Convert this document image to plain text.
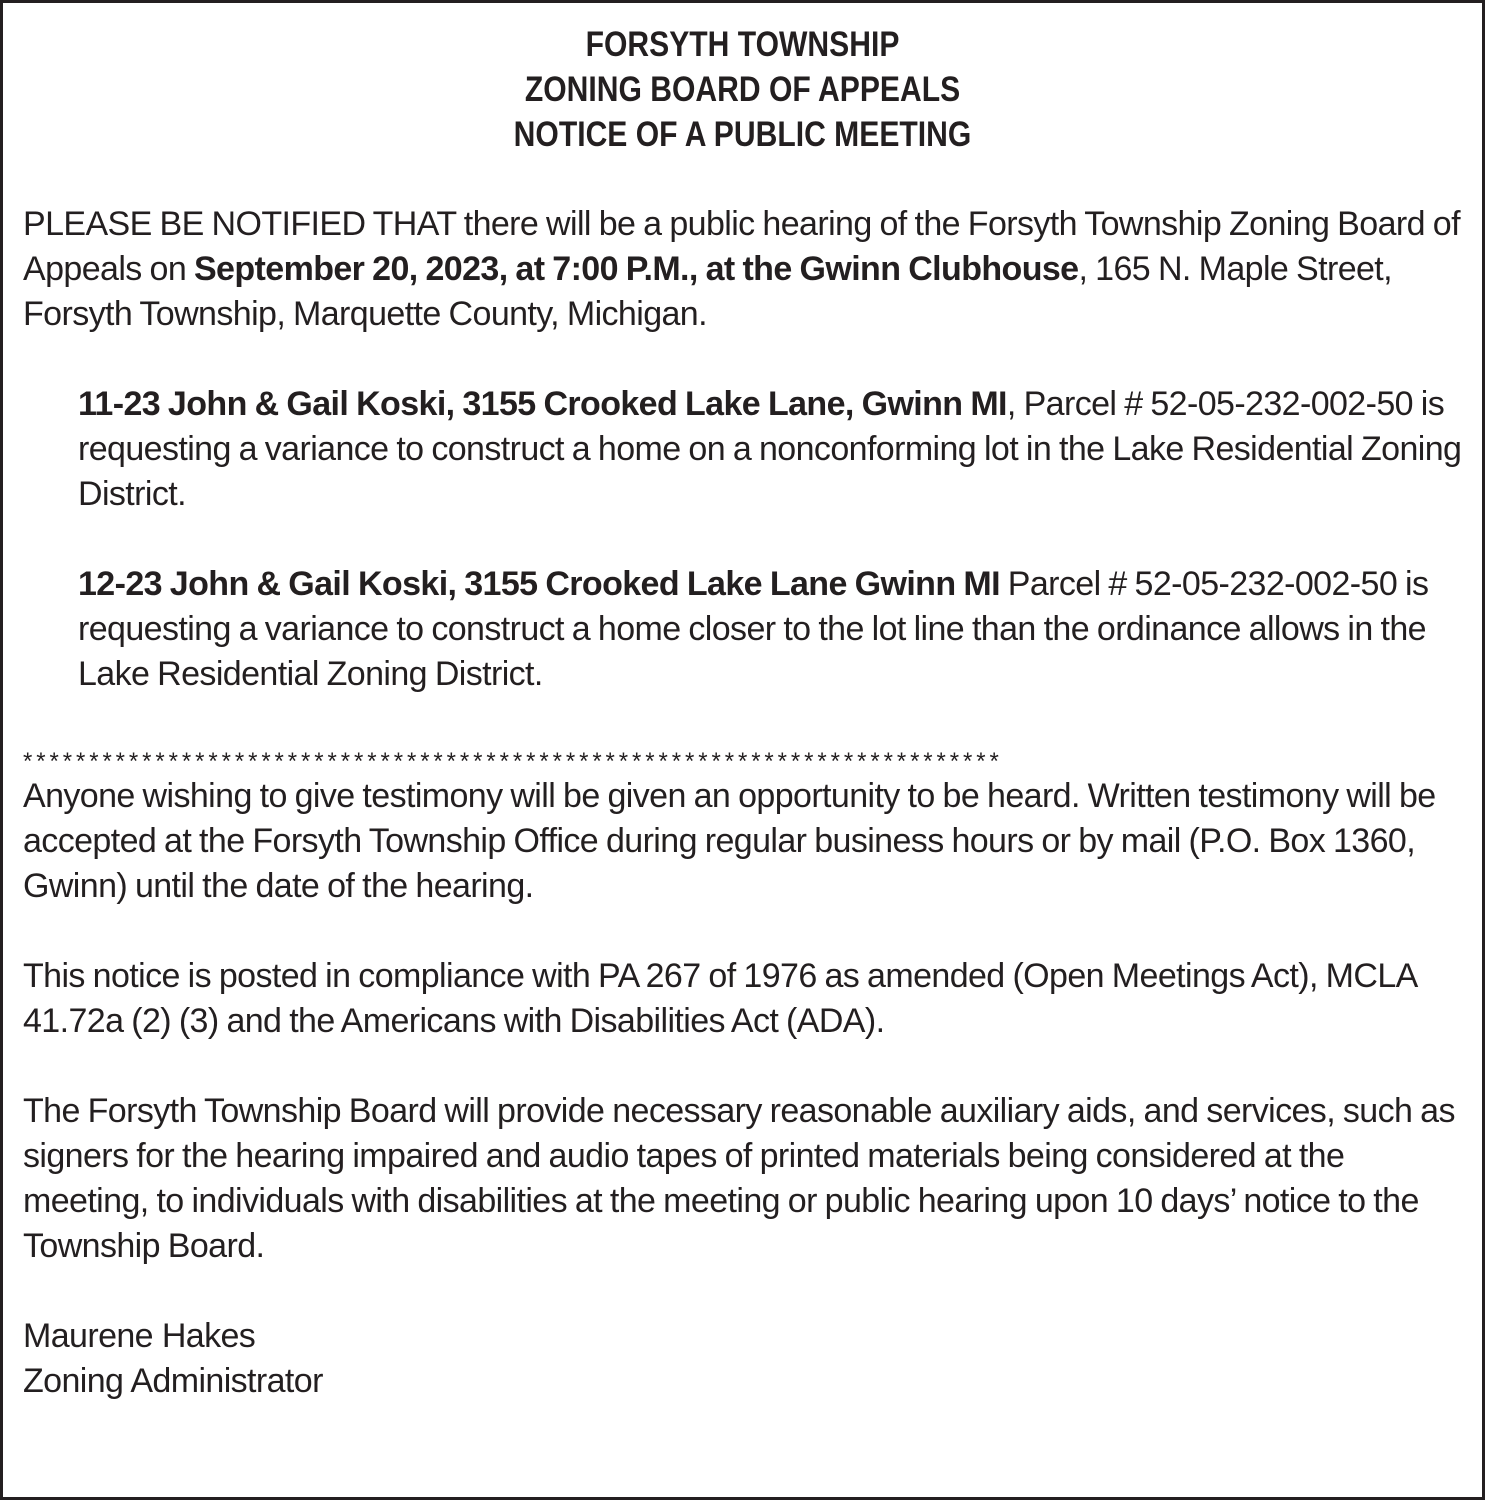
FORSYTH TOWNSHIP
ZONING BOARD OF APPEALS
NOTICE OF A PUBLIC MEETING

PLEASE BE NOTIFIED THAT there will be a public hearing of the Forsyth Township Zoning Board of Appeals on September 20, 2023, at 7:00 P.M., at the Gwinn Clubhouse, 165 N. Maple Street, Forsyth Township, Marquette County, Michigan.

11-23 John & Gail Koski, 3155 Crooked Lake Lane, Gwinn MI, Parcel # 52-05-232-002-50 is requesting a variance to construct a home on a nonconforming lot in the Lake Residential Zoning District.

12-23 John & Gail Koski, 3155 Crooked Lake Lane Gwinn MI Parcel # 52-05-232-002-50 is requesting a variance to construct a home closer to the lot line than the ordinance allows in the Lake Residential Zoning District.

**************************************************************************

Anyone wishing to give testimony will be given an opportunity to be heard. Written testimony will be accepted at the Forsyth Township Office during regular business hours or by mail (P.O. Box 1360, Gwinn) until the date of the hearing.

This notice is posted in compliance with PA 267 of 1976 as amended (Open Meetings Act), MCLA 41.72a (2) (3) and the Americans with Disabilities Act (ADA).

The Forsyth Township Board will provide necessary reasonable auxiliary aids, and services, such as signers for the hearing impaired and audio tapes of printed materials being considered at the meeting, to individuals with disabilities at the meeting or public hearing upon 10 days’ notice to the Township Board.

Maurene Hakes

Zoning Administrator
